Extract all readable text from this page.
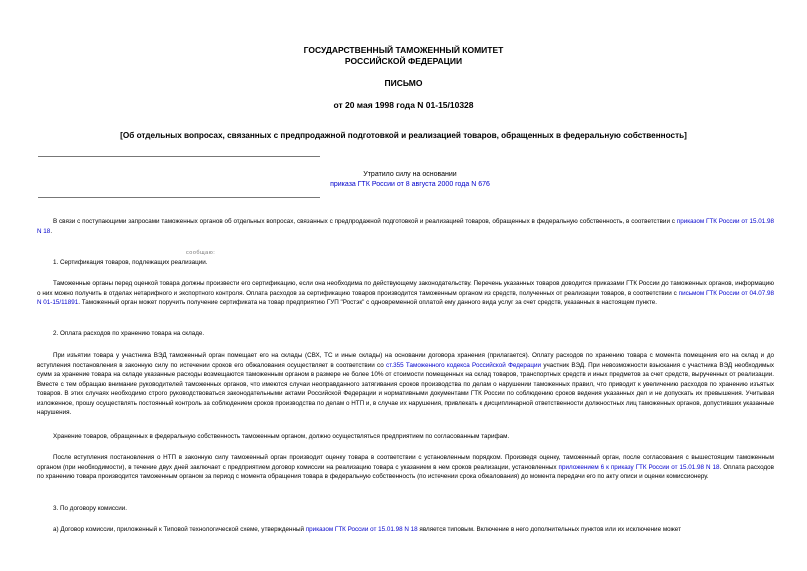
ГОСУДАРСТВЕННЫЙ ТАМОЖЕННЫЙ КОМИТЕТ
РОССИЙСКОЙ ФЕДЕРАЦИИ
ПИСЬМО
от 20 мая 1998 года N 01-15/10328
[Об отдельных вопросах, связанных с предпродажной подготовкой и реализацией товаров, обращенных в федеральную собственность]
Утратило силу на основании
приказа ГТК России от 8 августа 2000 года N 676
В связи с поступающими запросами таможенных органов об отдельных вопросах, связанных с предпродажной подготовкой и реализацией товаров, обращенных в федеральную собственность, в соответствии с приказом ГТК России от 15.01.98 N 18.
сообщаю:
1. Сертификация товаров, подлежащих реализации.
Таможенные органы перед оценкой товара должны произвести его сертификацию, если она необходима по действующему законодательству. Перечень указанных товаров доводится приказами ГТК России до таможенных органов, информацию о них можно получить в отделах нетарифного и экспортного контроля. Оплата расходов за сертификацию товаров производится таможенным органом из средств, полученных от реализации товаров, в соответствии с письмом ГТК России от 04.07.98 N 01-15/11891. Таможенный орган может поручить получение сертификата на товар предприятию ГУП "Ростэк" с одновременной оплатой ему данного вида услуг за счет средств, указанных в настоящем пункте.
2. Оплата расходов по хранению товара на складе.
При изъятии товара у участника ВЭД таможенный орган помещает его на склады (СВХ, ТС и иные склады) на основании договора хранения (прилагается). Оплату расходов по хранению товара с момента помещения его на склад и до вступления постановления в законную силу по истечении сроков его обжалования осуществляет в соответствии со ст.355 Таможенного кодекса Российской Федерации участник ВЭД. При невозможности взыскания с участника ВЭД необходимых сумм за хранение товара на складе указанные расходы возмещаются таможенным органом в размере не более 10% от стоимости помещенных на склад товаров, транспортных средств и иных предметов за счет средств, вырученных от реализации. Вместе с тем обращаю внимание руководителей таможенных органов, что имеются случаи неоправданного затягивания сроков производства по делам о нарушении таможенных правил, что приводит к увеличению расходов по хранению изъятых товаров. В этих случаях необходимо строго руководствоваться законодательными актами Российской Федерации и нормативными документами ГТК России по соблюдению сроков ведения указанных дел и не допускать их превышения. Учитывая изложенное, прошу осуществлять постоянный контроль за соблюдением сроков производства по делам о НТП и, в случае их нарушения, привлекать к дисциплинарной ответственности должностных лиц таможенных органов, допустивших указанные нарушения.
Хранение товаров, обращенных в федеральную собственность таможенным органом, должно осуществляться предприятием по согласованным тарифам.
После вступления постановления о НТП в законную силу таможенный орган производит оценку товара в соответствии с установленным порядком. Произведя оценку, таможенный орган, после согласования с вышестоящим таможенным органом (при необходимости), в течение двух дней заключает с предприятием договор комиссии на реализацию товара с указанием в нем сроков реализации, установленных приложением 6 к приказу ГТК России от 15.01.98 N 18. Оплата расходов по хранению товара производится таможенным органом за период с момента обращения товара в федеральную собственность (по истечении срока обжалования) до момента передачи его по акту описи и оценки комиссионеру.
3. По договору комиссии.
а) Договор комиссии, приложенный к Типовой технологической схеме, утвержденный приказом ГТК России от 15.01.98 N 18 является типовым. Включение в него дополнительных пунктов или их исключение может
